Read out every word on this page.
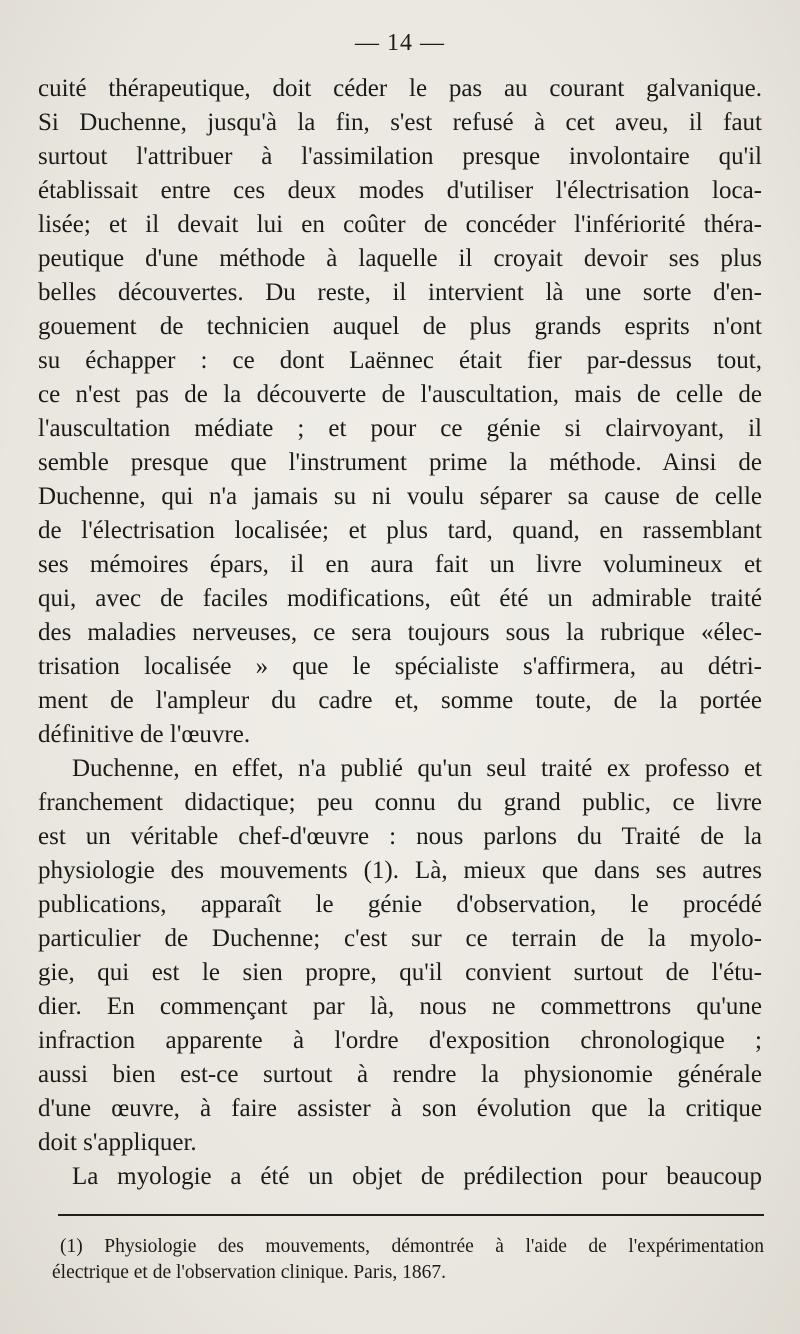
— 14 —
cuité thérapeutique, doit céder le pas au courant galvanique.
Si Duchenne, jusqu'à la fin, s'est refusé à cet aveu, il faut
surtout l'attribuer à l'assimilation presque involontaire qu'il
établissait entre ces deux modes d'utiliser l'électrisation loca-
lisée; et il devait lui en coûter de concéder l'infériorité théra-
peutique d'une méthode à laquelle il croyait devoir ses plus
belles découvertes. Du reste, il intervient là une sorte d'en-
gouement de technicien auquel de plus grands esprits n'ont
su échapper : ce dont Laënnec était fier par-dessus tout,
ce n'est pas de la découverte de l'auscultation, mais de celle de
l'auscultation médiate ; et pour ce génie si clairvoyant, il
semble presque que l'instrument prime la méthode. Ainsi de
Duchenne, qui n'a jamais su ni voulu séparer sa cause de celle
de l'électrisation localisée; et plus tard, quand, en rassemblant
ses mémoires épars, il en aura fait un livre volumineux et
qui, avec de faciles modifications, eût été un admirable traité
des maladies nerveuses, ce sera toujours sous la rubrique «élec-
trisation localisée » que le spécialiste s'affirmera, au détri-
ment de l'ampleur du cadre et, somme toute, de la portée
définitive de l'œuvre.
Duchenne, en effet, n'a publié qu'un seul traité ex professo et
franchement didactique; peu connu du grand public, ce livre
est un véritable chef-d'œuvre : nous parlons du Traité de la
physiologie des mouvements (1). Là, mieux que dans ses autres
publications, apparaît le génie d'observation, le procédé
particulier de Duchenne; c'est sur ce terrain de la myolo-
gie, qui est le sien propre, qu'il convient surtout de l'étu-
dier. En commençant par là, nous ne commettrons qu'une
infraction apparente à l'ordre d'exposition chronologique ;
aussi bien est-ce surtout à rendre la physionomie générale
d'une œuvre, à faire assister à son évolution que la critique
doit s'appliquer.
La myologie a été un objet de prédilection pour beaucoup
(1) Physiologie des mouvements, démontrée à l'aide de l'expérimentation
électrique et de l'observation clinique. Paris, 1867.
